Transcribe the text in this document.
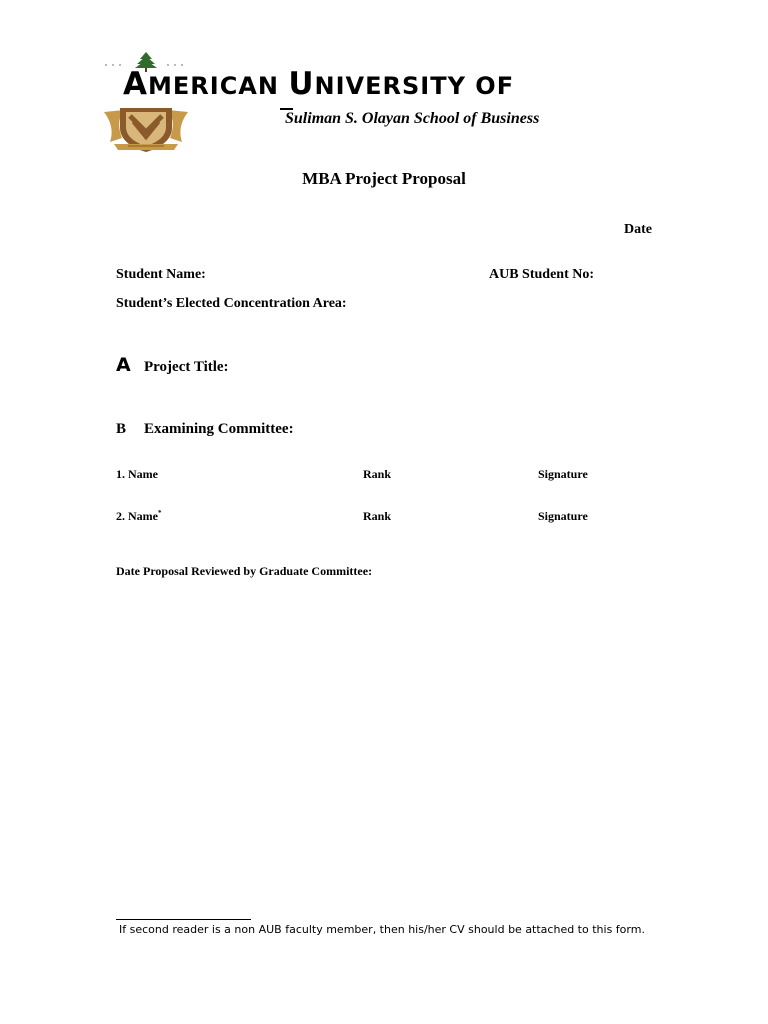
AMERICAN UNIVERSITY OF
Suliman S. Olayan School of Business
MBA Project Proposal
Date
Student Name:	AUB Student No:
Student’s Elected Concentration Area:
A Project Title:
B Examining Committee:
1. Name	Rank	Signature
2. Name*	Rank	Signature
Date Proposal Reviewed by Graduate Committee:
If second reader is a non AUB faculty member, then his/her CV should be attached to this form.
